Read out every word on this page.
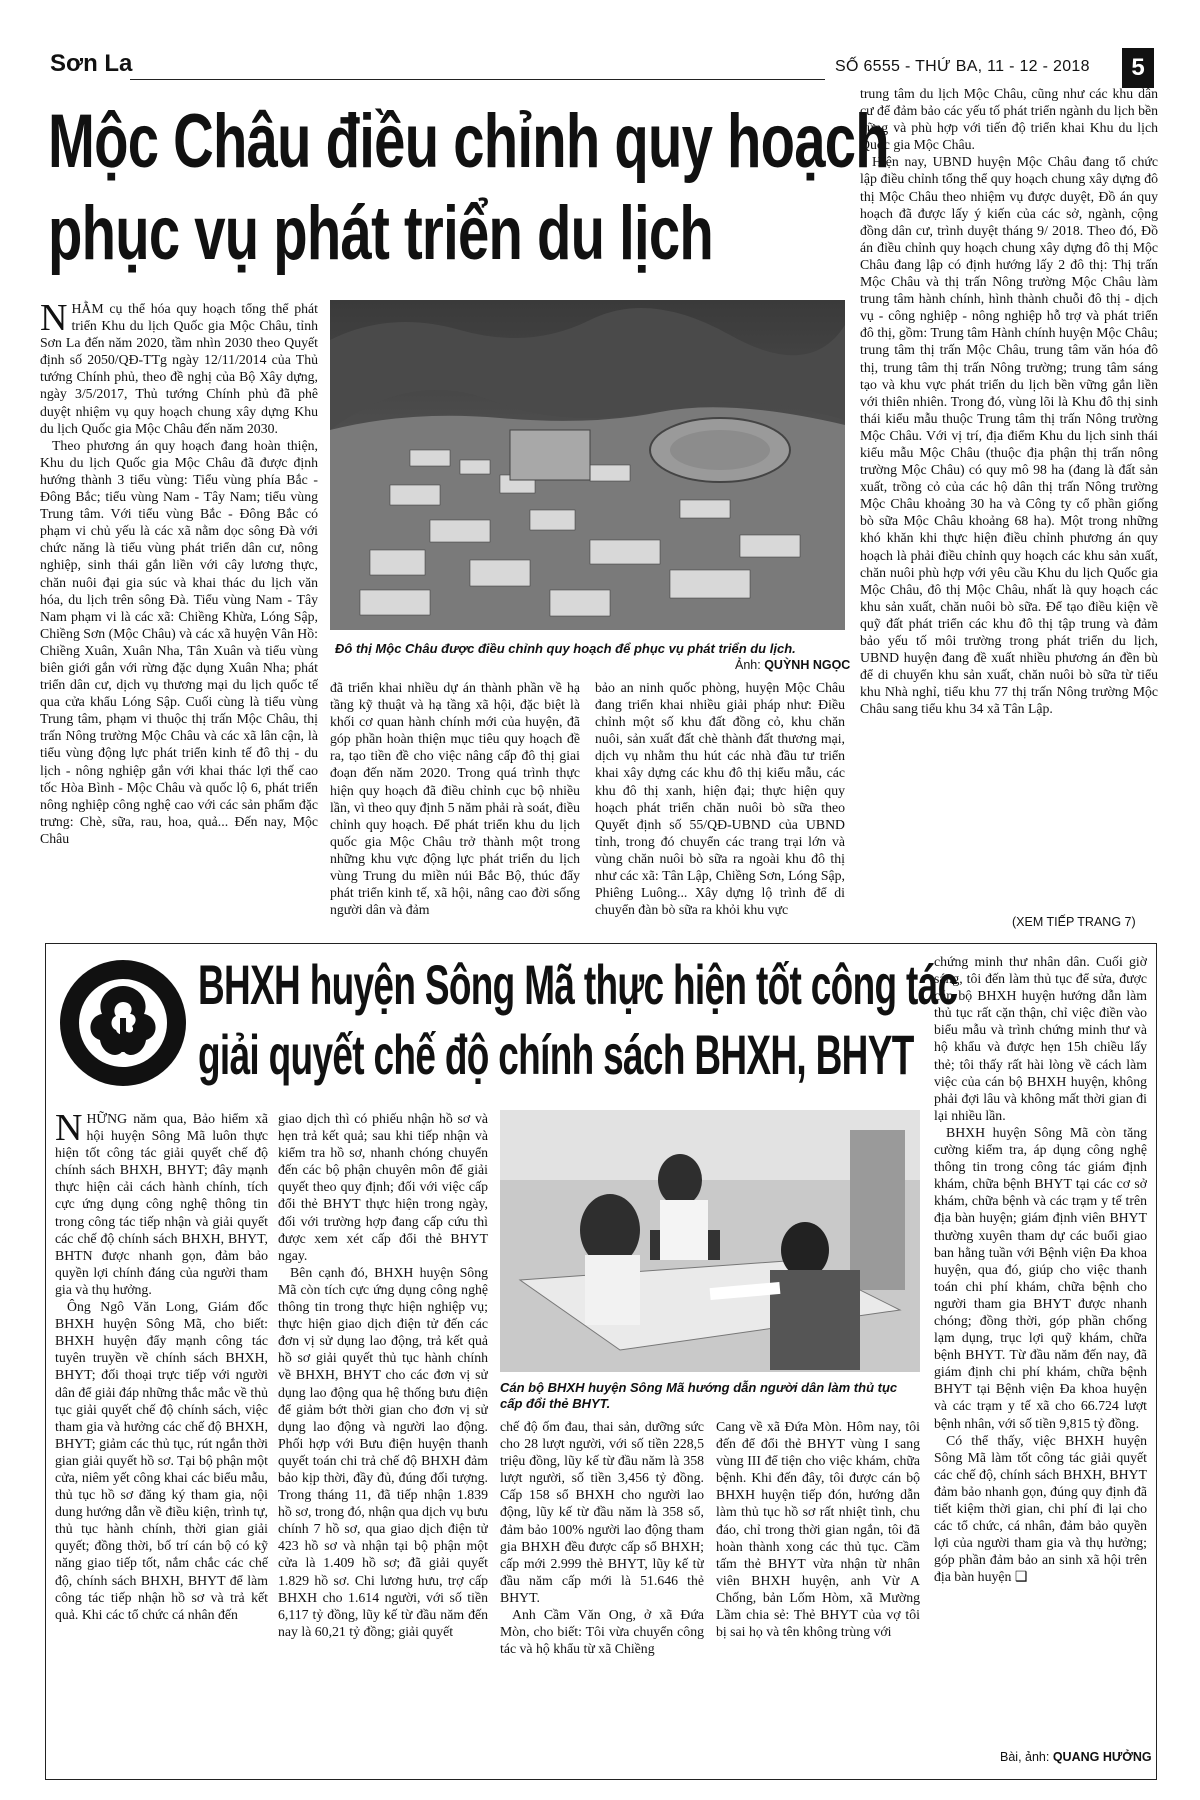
Sơn La	SỐ 6555 - THỨ BA, 11 - 12 - 2018	5
Mộc Châu điều chỉnh quy hoạch
phục vụ phát triển du lịch

NHẰM cụ thể hóa quy hoạch tổng thể phát triển Khu du lịch Quốc gia Mộc Châu, tỉnh Sơn La đến năm 2020, tầm nhìn 2030 theo Quyết định số 2050/QĐ-TTg ngày 12/11/2014 của Thủ tướng Chính phủ, theo đề nghị của Bộ Xây dựng, ngày 3/5/2017, Thủ tướng Chính phủ đã phê duyệt nhiệm vụ quy hoạch chung xây dựng Khu du lịch Quốc gia Mộc Châu đến năm 2030.

Theo phương án quy hoạch đang hoàn thiện, Khu du lịch Quốc gia Mộc Châu đã được định hướng thành 3 tiểu vùng: Tiểu vùng phía Bắc - Đông Bắc; tiểu vùng Nam - Tây Nam; tiểu vùng Trung tâm. Với tiểu vùng Bắc - Đông Bắc có phạm vi chủ yếu là các xã nằm dọc sông Đà với chức năng là tiểu vùng phát triển dân cư, nông nghiệp, sinh thái gắn liền với cây lương thực, chăn nuôi đại gia súc và khai thác du lịch văn hóa, du lịch trên sông Đà. Tiểu vùng Nam - Tây Nam phạm vi là các xã: Chiềng Khừa, Lóng Sập, Chiềng Sơn (Mộc Châu) và các xã huyện Vân Hồ: Chiềng Xuân, Xuân Nha, Tân Xuân và tiểu vùng biên giới gắn với rừng đặc dụng Xuân Nha; phát triển dân cư, dịch vụ thương mại du lịch quốc tế qua cửa khẩu Lóng Sập. Cuối cùng là tiểu vùng Trung tâm, phạm vi thuộc thị trấn Mộc Châu, thị trấn Nông trường Mộc Châu và các xã lân cận, là tiểu vùng động lực phát triển kinh tế đô thị - du lịch - nông nghiệp gắn với khai thác lợi thế cao tốc Hòa Bình - Mộc Châu và quốc lộ 6, phát triển nông nghiệp công nghệ cao với các sản phẩm đặc trưng: Chè, sữa, rau, hoa, quả... Đến nay, Mộc Châu

Đô thị Mộc Châu được điều chỉnh quy hoạch để phục vụ phát triển du lịch.
Ảnh: QUỲNH NGỌC

đã triển khai nhiều dự án thành phần về hạ tầng kỹ thuật và hạ tầng xã hội, đặc biệt là khối cơ quan hành chính mới của huyện, đã góp phần hoàn thiện mục tiêu quy hoạch đề ra, tạo tiền đề cho việc nâng cấp đô thị giai đoạn đến năm 2020. Trong quá trình thực hiện quy hoạch đã điều chỉnh cục bộ nhiều lần, vì theo quy định 5 năm phải rà soát, điều chỉnh quy hoạch. Để phát triển khu du lịch quốc gia Mộc Châu trở thành một trong những khu vực động lực phát triển du lịch vùng Trung du miền núi Bắc Bộ, thúc đẩy phát triển kinh tế, xã hội, nâng cao đời sống người dân và đảm

bảo an ninh quốc phòng, huyện Mộc Châu đang triển khai nhiều giải pháp như: Điều chỉnh một số khu đất đồng cỏ, khu chăn nuôi, sản xuất đất chè thành đất thương mại, dịch vụ nhằm thu hút các nhà đầu tư triển khai xây dựng các khu đô thị kiểu mẫu, các khu đô thị xanh, hiện đại; thực hiện quy hoạch phát triển chăn nuôi bò sữa theo Quyết định số 55/QĐ-UBND của UBND tỉnh, trong đó chuyển các trang trại lớn và vùng chăn nuôi bò sữa ra ngoài khu đô thị như các xã: Tân Lập, Chiềng Sơn, Lóng Sập, Phiêng Luông... Xây dựng lộ trình để di chuyển đàn bò sữa ra khỏi khu vực

trung tâm du lịch Mộc Châu, cũng như các khu dân cư để đảm bảo các yếu tố phát triển ngành du lịch bền vững và phù hợp với tiến độ triển khai Khu du lịch Quốc gia Mộc Châu.

Hiện nay, UBND huyện Mộc Châu đang tổ chức lập điều chỉnh tổng thể quy hoạch chung xây dựng đô thị Mộc Châu theo nhiệm vụ được duyệt, Đồ án quy hoạch đã được lấy ý kiến của các sở, ngành, cộng đồng dân cư, trình duyệt tháng 9/ 2018. Theo đó, Đồ án điều chỉnh quy hoạch chung xây dựng đô thị Mộc Châu đang lập có định hướng lấy 2 đô thị: Thị trấn Mộc Châu và thị trấn Nông trường Mộc Châu làm trung tâm hành chính, hình thành chuỗi đô thị - dịch vụ - công nghiệp - nông nghiệp hỗ trợ và phát triển đô thị, gồm: Trung tâm Hành chính huyện Mộc Châu; trung tâm thị trấn Mộc Châu, trung tâm văn hóa đô thị, trung tâm thị trấn Nông trường; trung tâm sáng tạo và khu vực phát triển du lịch bền vững gắn liền với thiên nhiên. Trong đó, vùng lõi là Khu đô thị sinh thái kiểu mẫu thuộc Trung tâm thị trấn Nông trường Mộc Châu. Với vị trí, địa điểm Khu du lịch sinh thái kiểu mẫu Mộc Châu (thuộc địa phận thị trấn nông trường Mộc Châu) có quy mô 98 ha (đang là đất sản xuất, trồng cỏ của các hộ dân thị trấn Nông trường Mộc Châu khoảng 30 ha và Công ty cổ phần giống bò sữa Mộc Châu khoảng 68 ha). Một trong những khó khăn khi thực hiện điều chỉnh phương án quy hoạch là phải điều chỉnh quy hoạch các khu sản xuất, chăn nuôi phù hợp với yêu cầu Khu du lịch Quốc gia Mộc Châu, đô thị Mộc Châu, nhất là quy hoạch các khu sản xuất, chăn nuôi bò sữa. Để tạo điều kiện về quỹ đất phát triển các khu đô thị tập trung và đảm bảo yếu tố môi trường trong phát triển du lịch, UBND huyện đang đề xuất nhiều phương án đền bù để di chuyển khu sản xuất, chăn nuôi bò sữa từ tiểu khu Nhà nghỉ, tiểu khu 77 thị trấn Nông trường Mộc Châu sang tiểu khu 34 xã Tân Lập.

(XEM TIẾP TRANG 7)
BHXH huyện Sông Mã thực hiện tốt công tác
giải quyết chế độ chính sách BHXH, BHYT

NHỮNG năm qua, Bảo hiểm xã hội huyện Sông Mã luôn thực hiện tốt công tác giải quyết chế độ chính sách BHXH, BHYT; đây mạnh thực hiện cải cách hành chính, tích cực ứng dụng công nghệ thông tin trong công tác tiếp nhận và giải quyết các chế độ chính sách BHXH, BHYT, BHTN được nhanh gọn, đảm bảo quyền lợi chính đáng của người tham gia và thụ hưởng.

Ông Ngô Văn Long, Giám đốc BHXH huyện Sông Mã, cho biết: BHXH huyện đẩy mạnh công tác tuyên truyền về chính sách BHXH, BHYT; đối thoại trực tiếp với người dân để giải đáp những thắc mắc về thủ tục giải quyết chế độ chính sách, việc tham gia và hưởng các chế độ BHXH, BHYT; giảm các thủ tục, rút ngắn thời gian giải quyết hồ sơ. Tại bộ phận một cửa, niêm yết công khai các biểu mẫu, thủ tục hồ sơ đăng ký tham gia, nội dung hướng dẫn về điều kiện, trình tự, thủ tục hành chính, thời gian giải quyết; đồng thời, bố trí cán bộ có kỹ năng giao tiếp tốt, nắm chắc các chế độ, chính sách BHXH, BHYT để làm công tác tiếp nhận hồ sơ và trả kết quả. Khi các tổ chức cá nhân đến

giao dịch thì có phiếu nhận hồ sơ và hẹn trả kết quả; sau khi tiếp nhận và kiểm tra hồ sơ, nhanh chóng chuyển đến các bộ phận chuyên môn để giải quyết theo quy định; đối với việc cấp đổi thẻ BHYT thực hiện trong ngày, đối với trường hợp đang cấp cứu thì được xem xét cấp đổi thẻ BHYT ngay.

Bên cạnh đó, BHXH huyện Sông Mã còn tích cực ứng dụng công nghệ thông tin trong thực hiện nghiệp vụ; thực hiện giao dịch điện tử đến các đơn vị sử dụng lao động, trả kết quả hồ sơ giải quyết thủ tục hành chính về BHXH, BHYT cho các đơn vị sử dụng lao động qua hệ thống bưu điện để giảm bớt thời gian cho đơn vị sử dụng lao động và người lao động. Phối hợp với Bưu điện huyện thanh quyết toán chi trả chế độ BHXH đảm bảo kịp thời, đầy đủ, đúng đối tượng. Trong tháng 11, đã tiếp nhận 1.839 hồ sơ, trong đó, nhận qua dịch vụ bưu chính 7 hồ sơ, qua giao dịch điện tử 423 hồ sơ và nhận tại bộ phận một cửa là 1.409 hồ sơ; đã giải quyết 1.829 hồ sơ. Chi lương hưu, trợ cấp BHXH cho 1.614 người, với số tiền 6,117 tỷ đồng, lũy kế từ đầu năm đến nay là 60,21 tỷ đồng; giải quyết

Cán bộ BHXH huyện Sông Mã hướng dẫn người dân làm thủ tục cấp đổi thẻ BHYT.

chế độ ốm đau, thai sản, dưỡng sức cho 28 lượt người, với số tiền 228,5 triệu đồng, lũy kế từ đầu năm là 358 lượt người, số tiền 3,456 tỷ đồng. Cấp 158 sổ BHXH cho người lao động, lũy kế từ đầu năm là 358 sổ, đảm bảo 100% người lao động tham gia BHXH đều được cấp sổ BHXH; cấp mới 2.999 thẻ BHYT, lũy kế từ đầu năm cấp mới là 51.646 thẻ BHYT.

Anh Cầm Văn Ong, ở xã Đứa Mòn, cho biết: Tôi vừa chuyển công tác và hộ khẩu từ xã Chiềng

Cang về xã Đứa Mòn. Hôm nay, tôi đến để đổi thẻ BHYT vùng I sang vùng III để tiện cho việc khám, chữa bệnh. Khi đến đây, tôi được cán bộ BHXH huyện tiếp đón, hướng dẫn làm thủ tục hồ sơ rất nhiệt tình, chu đáo, chỉ trong thời gian ngắn, tôi đã hoàn thành xong các thủ tục. Cầm tấm thẻ BHYT vừa nhận từ nhân viên BHXH huyện, anh Vừ A Chống, bản Lốm Hòm, xã Mường Lầm chia sẻ: Thẻ BHYT của vợ tôi bị sai họ và tên không trùng với

chứng minh thư nhân dân. Cuối giờ sáng, tôi đến làm thủ tục để sửa, được cán bộ BHXH huyện hướng dẫn làm thủ tục rất cặn thận, chỉ việc điền vào biểu mẫu và trình chứng minh thư và hộ khẩu và được hẹn 15h chiều lấy thẻ; tôi thấy rất hài lòng về cách làm việc của cán bộ BHXH huyện, không phải đợi lâu và không mất thời gian đi lại nhiều lần.

BHXH huyện Sông Mã còn tăng cường kiểm tra, áp dụng công nghệ thông tin trong công tác giám định khám, chữa bệnh BHYT tại các cơ sở khám, chữa bệnh và các trạm y tế trên địa bàn huyện; giám định viên BHYT thường xuyên tham dự các buổi giao ban hằng tuần với Bệnh viện Đa khoa huyện, qua đó, giúp cho việc thanh toán chi phí khám, chữa bệnh cho người tham gia BHYT được nhanh chóng; đồng thời, góp phần chống lạm dụng, trục lợi quỹ khám, chữa bệnh BHYT. Từ đầu năm đến nay, đã giám định chi phí khám, chữa bệnh BHYT tại Bệnh viện Đa khoa huyện và các trạm y tế xã cho 66.724 lượt bệnh nhân, với số tiền 9,815 tỷ đồng.

Có thể thấy, việc BHXH huyện Sông Mã làm tốt công tác giải quyết các chế độ, chính sách BHXH, BHYT đảm bảo nhanh gọn, đúng quy định đã tiết kiệm thời gian, chi phí đi lại cho các tổ chức, cá nhân, đảm bảo quyền lợi của người tham gia và thụ hưởng; góp phần đảm bảo an sinh xã hội trên địa bàn huyện ❑

Bài, ảnh: QUANG HƯỞNG
